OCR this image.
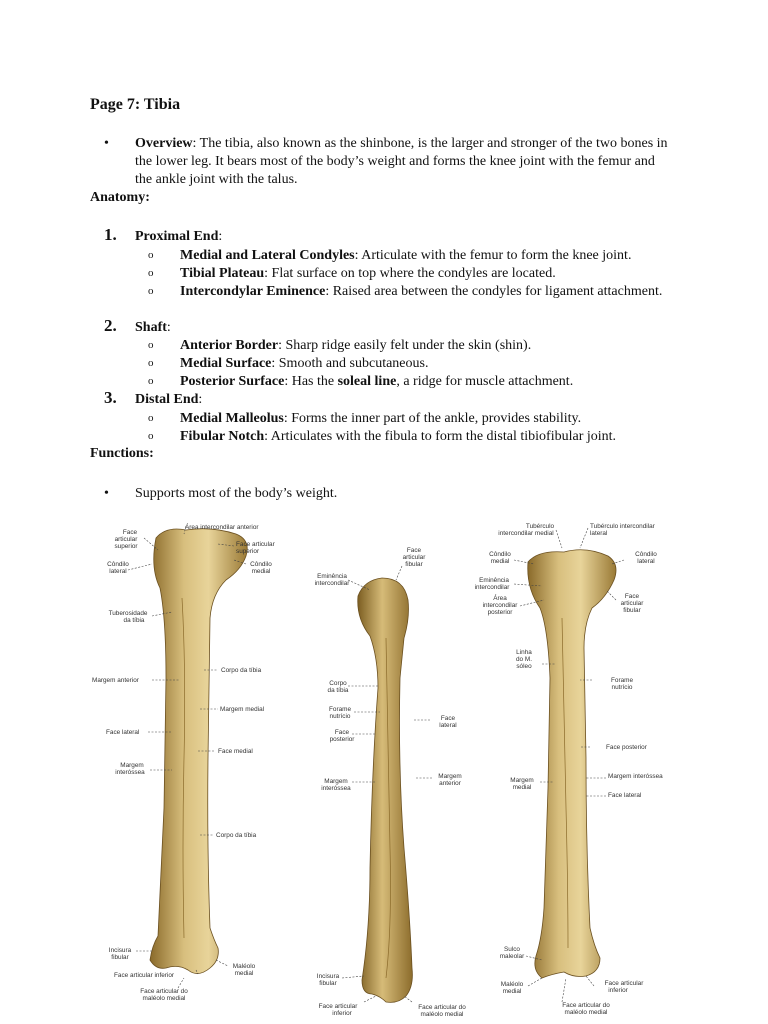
Page 7: Tibia
• Overview: The tibia, also known as the shinbone, is the larger and stronger of the two bones in the lower leg. It bears most of the body’s weight and forms the knee joint with the femur and the ankle joint with the talus.
Anatomy:
1. Proximal End:
o Medial and Lateral Condyles: Articulate with the femur to form the knee joint.
o Tibial Plateau: Flat surface on top where the condyles are located.
o Intercondylar Eminence: Raised area between the condyles for ligament attachment.
2. Shaft:
o Anterior Border: Sharp ridge easily felt under the skin (shin).
o Medial Surface: Smooth and subcutaneous.
o Posterior Surface: Has the soleal line, a ridge for muscle attachment.
3. Distal End:
o Medial Malleolus: Forms the inner part of the ankle, provides stability.
o Fibular Notch: Articulates with the fibula to form the distal tibiofibular joint.
Functions:
• Supports most of the body’s weight.
Área intercondilar anterior
Face articular superior	Face articular superior
Côndilo lateral
Côndilo medial
Tuberosidade da tíbia
Corpo da tíbia
Margem anterior
Margem medial
Face lateral
Face medial
Margem interóssea
Corpo da tíbia
Incisura fibular
Maléolo medial
Face articular inferior
Face articular do maléolo medial
Face articular fibular
Eminência intercondilar
Corpo da tíbia
Forame nutrício	Face lateral
Face posterior
Margem interóssea
Margem anterior
Incisura fibular
Face articular inferior
Face articular do maléolo medial
Tubérculo intercondilar medial
Tubérculo intercondilar lateral
Côndilo medial
Côndilo lateral
Eminência intercondilar
Área intercondilar posterior
Face articular fibular
Linha do M. sóleo
Forame nutrício
Face posterior
Margem medial
Margem interóssea
Face lateral
Sulco maleolar
Maléolo medial
Face articular inferior
Face articular do maléolo medial
